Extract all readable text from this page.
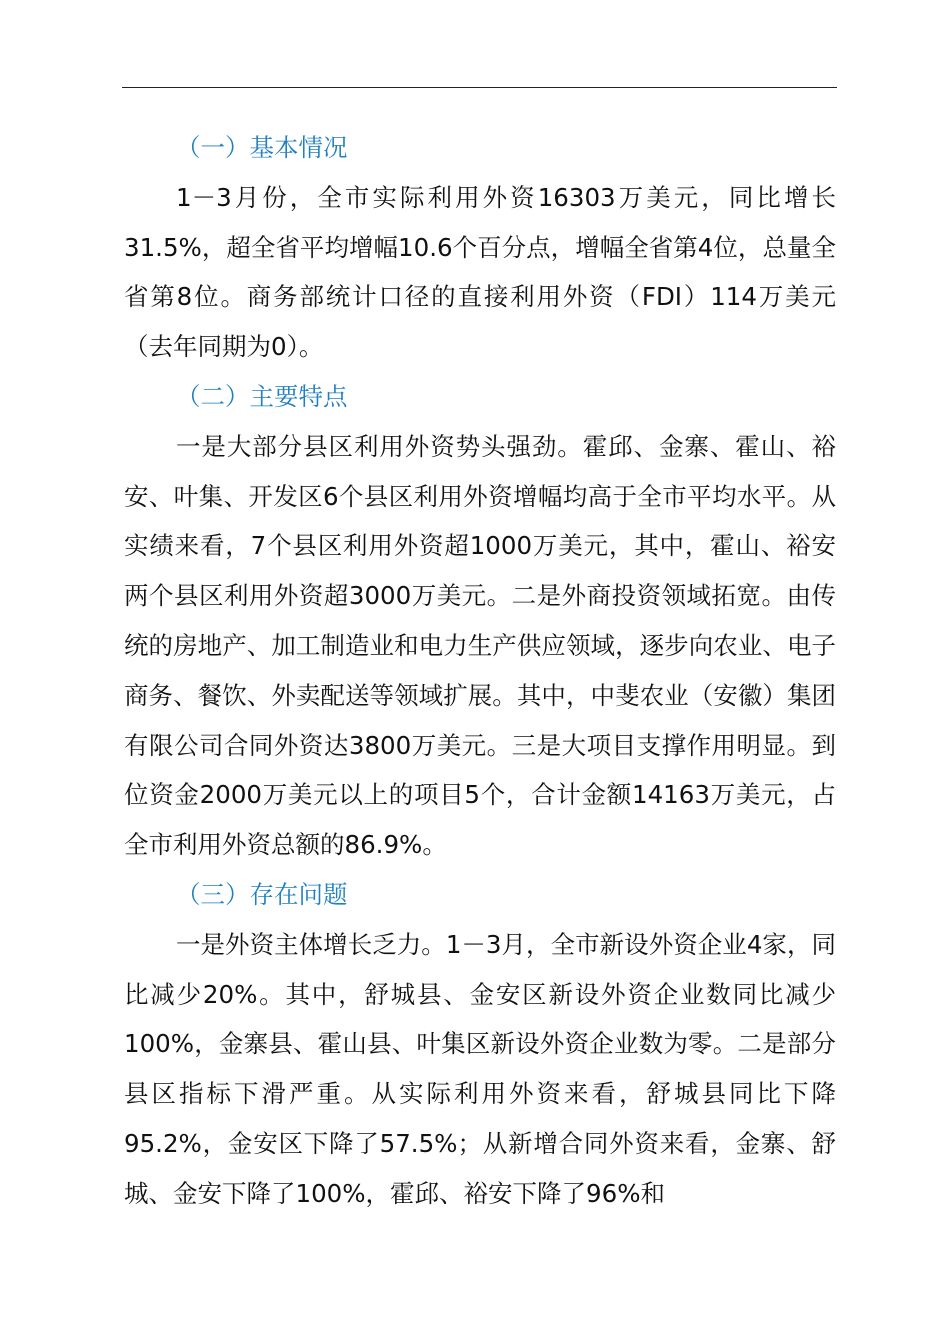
（一）基本情况

1－3月份，全市实际利用外资16303万美元，同比增长31.5%，超全省平均增幅10.6个百分点，增幅全省第4位，总量全省第8位。商务部统计口径的直接利用外资（FDI）114万美元（去年同期为0）。

（二）主要特点

一是大部分县区利用外资势头强劲。霍邱、金寨、霍山、裕安、叶集、开发区6个县区利用外资增幅均高于全市平均水平。从实绩来看，7个县区利用外资超1000万美元，其中，霍山、裕安两个县区利用外资超3000万美元。二是外商投资领域拓宽。由传统的房地产、加工制造业和电力生产供应领域，逐步向农业、电子商务、餐饮、外卖配送等领域扩展。其中，中斐农业（安徽）集团有限公司合同外资达3800万美元。三是大项目支撑作用明显。到位资金2000万美元以上的项目5个，合计金额14163万美元，占全市利用外资总额的86.9%。

（三）存在问题

一是外资主体增长乏力。1－3月，全市新设外资企业4家，同比减少20%。其中，舒城县、金安区新设外资企业数同比减少100%，金寨县、霍山县、叶集区新设外资企业数为零。二是部分县区指标下滑严重。从实际利用外资来看，舒城县同比下降95.2%，金安区下降了57.5%；从新增合同外资来看，金寨、舒城、金安下降了100%，霍邱、裕安下降了96%和
